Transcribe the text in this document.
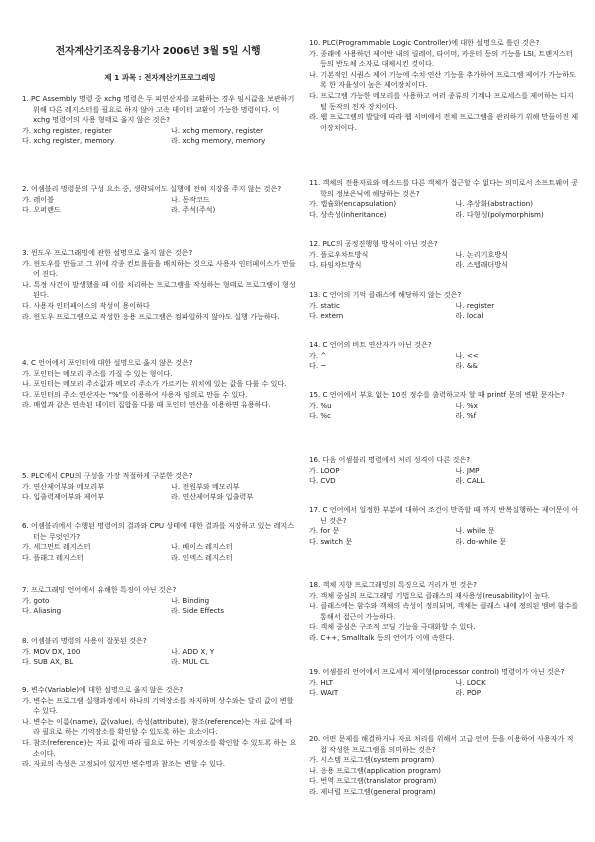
전자계산기조직응용기사 2006년 3월 5일 시행
제 1 과목 : 전자계산기프로그래밍
1. PC Assembly 명령 중 xchg 명령은 두 피연산자를 교환하는 경우 임시값을 보관하기 위해 다른 레지스터를 필요로 하지 않아 고속 데이터 교환이 가능한 명령이다. 이 xchg 명령어의 사용 형태로 옳지 않은 것은?
가. xchg register, register	나. xchg memory, register
다. xchg register, memory	라. xchg memory, memory
2. 어셈블리 명령문의 구성 요소 중, 생략되어도 실행에 전혀 지장을 주지 않는 것은?
가. 레이블	나. 동작코드
다. 오퍼랜드	라. 주석(주석)
3. 윈도우 프로그래밍에 관한 설명으로 옳지 않은 것은?
가. 윈도우를 만들고 그 위에 각종 컨트롤들을 배치하는 것으로 사용자 인터페이스가 만들어 진다.
나. 특정 사건이 발생했을 때 이를 처리하는 프로그램을 작성하는 형태로 프로그램이 형성된다.
다. 사용자 인터페이스의 작성이 용이하다
라. 윈도우 프로그램으로 작성한 응용 프로그램은 컴파일하지 않아도 실행 가능하다.
4. C 언어에서 포인터에 대한 설명으로 옳지 않은 것은?
가. 포인터는 메모리 주소를 가질 수 있는 형이다.
나. 포인터는 메모리 주소값과 메모리 주소가 가르키는 위치에 있는 값을 다룰 수 있다.
다. 포인터의 주소 연산자는 "%"를 이용하여 사용자 임의로 만들 수 있다.
라. 배열과 같은 연속된 데이터 집합을 다룰 때 포인터 연산을 이용하면 유용하다.
5. PLC에서 CPU의 구성을 가장 적절하게 구분한 것은?
가. 연산제어부와 메모리부	나. 전원부와 메모리부
다. 입출력제어부와 제어부	라. 연산제어부와 입출력부
6. 어셈블리에서 수행된 명령어의 결과와 CPU 상태에 대한 결과를 저장하고 있는 레지스터는 무엇인가?
가. 세그먼트 레지스터	나. 베이스 레지스터
다. 플래그 레지스터	라. 인덱스 레지스터
7. 프로그래밍 언어에서 유해한 특징이 아닌 것은?
가. goto	나. Binding
다. Aliasing	라. Side Effects
8. 어셈블리 명령의 사용이 잘못된 것은?
가. MOV DX, 100	나. ADD X, Y
다. SUB AX, BL	라. MUL CL
9. 변수(Variable)에 대한 설명으로 옳지 않은 것은?
가. 변수는 프로그램 실행과정에서 하나의 기억장소를 차지하며 상수와는 달리 값이 변할 수 있다.
나. 변수는 이름(name), 값(value), 속성(attribute), 참조(reference)는 자료 값에 따라 필요로 하는 기억장소를 확인할 수 있도록 하는 요소이다.
다. 참조(reference)는 자료 값에 따라 필요로 하는 기억장소를 확인할 수 있도록 하는 요소이다.
라. 자료의 속성은 고정되어 있지만 변수명과 참조는 변할 수 있다.
10. PLC(Programmable Logic Controller)에 대한 설명으로 틀린 것은?
가. 종래에 사용하던 제어반 내의 릴레이, 타이머, 카운터 등의 기능을 LSI, 트랜지스터 등의 반도체 소자로 대체시킨 것이다.
나. 기본적인 시퀀스 제어 기능에 수치 연산 기능을 추가하여 프로그램 제어가 가능하도록 한 자율성이 높은 제어장치이다.
다. 프로그램 가능한 메모리를 사용하고 여러 종류의 기계나 프로세스를 제어하는 디지털 동작의 전자 장치이다.
라. 웹 프로그램의 발달에 따라 웹 서버에서 전체 프로그램을 관리하기 위해 만들어진 제어장치이다.
11. 객체의 전용자료와 메소드를 다른 객체가 접근할 수 없다는 의미로서 소프트웨어 공학의 정보은닉에 해당하는 것은?
가. 캡슐화(encapsulation)	나. 추상화(abstraction)
다. 상속성(inheritance)	라. 다형성(polymorphism)
12. PLC의 공정진행형 방식이 아닌 것은?
가. 플로우차트방식	나. 논리기호방식
다. 타임차트방식	라. 스텝래더방식
13. C 언어의 기억 클래스에 해당하지 않는 것은?
가. static	나. register
다. extern	라. local
14. C 언어의 비트 연산자가 아닌 것은?
가. ^	나. <<
다. ~	라. &&
15. C 언어에서 부호 없는 10진 정수를 출력하고자 할 때 printf 문의 변환 문자는?
가. %u	나. %x
다. %c	라. %f
16. 다음 어셈블리 명령에서 처리 성격이 다른 것은?
가. LOOP	나. JMP
다. CVD	라. CALL
17. C 언어에서 일정한 부분에 대하여 조건이 만족할 때 까지 반복실행하는 제어문이 아닌 것은?
가. for 문	나. while 문
다. switch 문	라. do-while 문
18. 객체 지향 프로그래밍의 특징으로 거리가 먼 것은?
가. 객체 중심의 프로그래밍 기법으로 클래스의 재사용성(reusability)이 높다.
나. 클래스에는 함수와 객체의 속성이 정의되며, 객체는 클래스 내에 정의된 멤버 함수를 통해서 접근이 가능하다.
다. 객체 중심은 구조적 코딩 기능을 극대화할 수 있다.
라. C++, Smalltalk 등의 언어가 이에 속한다.
19. 어셈블리 언어에서 프로세서 제어형(processor control) 명령어가 아닌 것은?
가. HLT	나. LOCK
다. WAIT	라. POP
20. 어떤 문제를 해결하거나 자료 처리를 위해서 고급 언어 등을 이용하여 사용자가 직접 작성한 프로그램을 의미하는 것은?
가. 시스템 프로그램(system program)
나. 응용 프로그램(application program)
다. 번역 프로그램(translator program)
라. 제너럴 프로그램(general program)
